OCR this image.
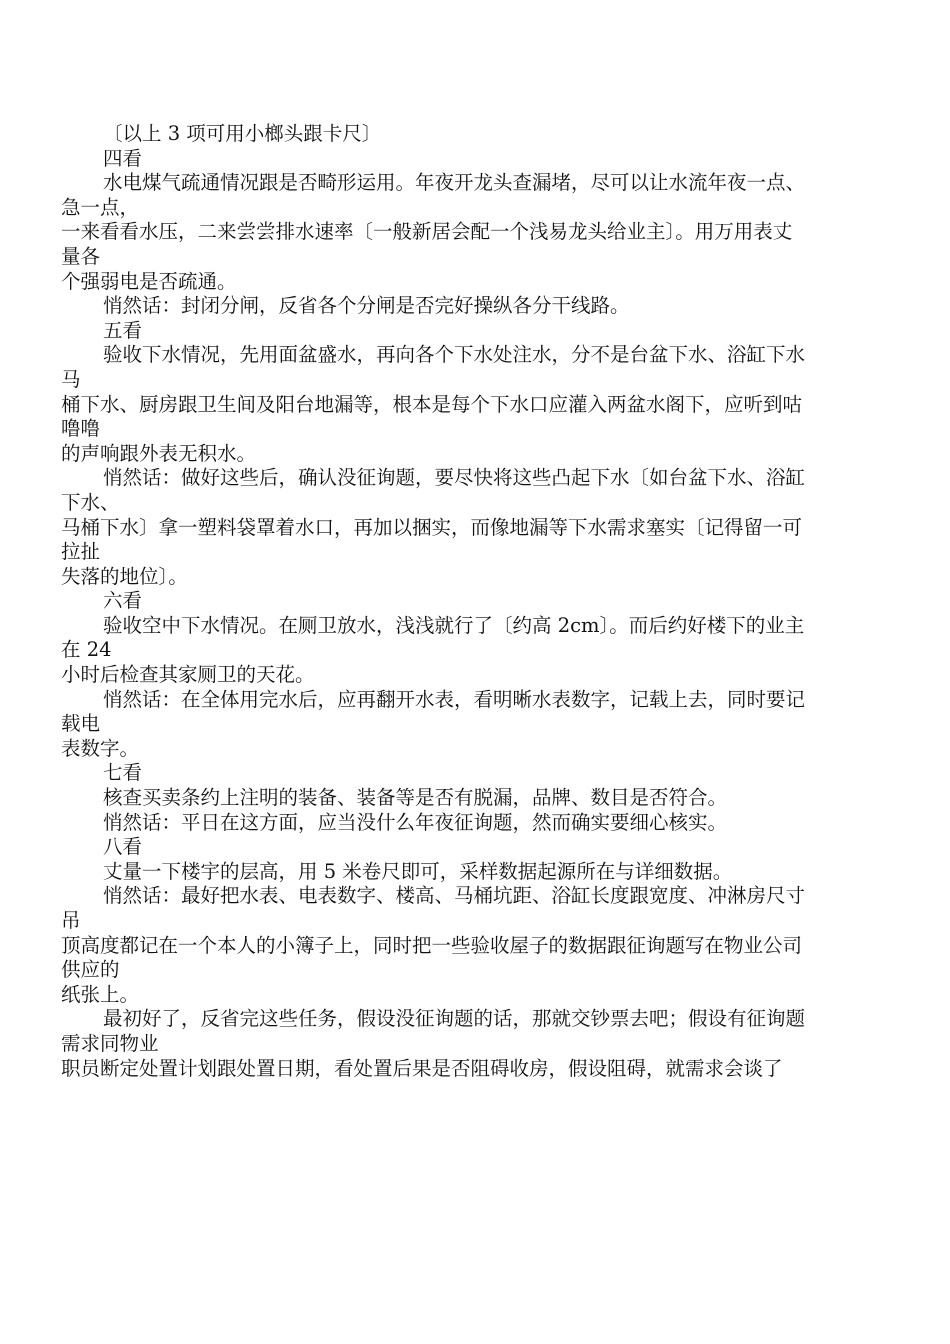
〔以上 3 项可用小榔头跟卡尺〕

四看

水电煤气疏通情况跟是否畸形运用。年夜开龙头查漏堵，尽可以让水流年夜一点、

急一点，

一来看看水压，二来尝尝排水速率〔一般新居会配一个浅易龙头给业主〕。用万用表丈

量各

个强弱电是否疏通。

悄然话：封闭分闸，反省各个分闸是否完好操纵各分干线路。

五看

验收下水情况，先用面盆盛水，再向各个下水处注水，分不是台盆下水、浴缸下水

马

桶下水、厨房跟卫生间及阳台地漏等，根本是每个下水口应灌入两盆水阁下，应听到咕

噜噜

的声响跟外表无积水。

悄然话：做好这些后，确认没征询题，要尽快将这些凸起下水〔如台盆下水、浴缸

下水、

马桶下水〕拿一塑料袋罩着水口，再加以捆实，而像地漏等下水需求塞实〔记得留一可

拉扯

失落的地位〕。

六看

验收空中下水情况。在厕卫放水，浅浅就行了〔约高 2cm〕。而后约好楼下的业主

在 24

小时后检查其家厕卫的天花。

悄然话：在全体用完水后，应再翻开水表，看明晰水表数字，记载上去，同时要记

载电

表数字。

七看

核查买卖条约上注明的装备、装备等是否有脱漏，品牌、数目是否符合。

悄然话：平日在这方面，应当没什么年夜征询题，然而确实要细心核实。

八看

丈量一下楼宇的层高，用 5 米卷尺即可，采样数据起源所在与详细数据。

悄然话：最好把水表、电表数字、楼高、马桶坑距、浴缸长度跟宽度、冲淋房尺寸

吊

顶高度都记在一个本人的小簿子上，同时把一些验收屋子的数据跟征询题写在物业公司

供应的

纸张上。

最初好了，反省完这些任务，假设没征询题的话，那就交钞票去吧；假设有征询题

需求同物业

职员断定处置计划跟处置日期，看处置后果是否阻碍收房，假设阻碍，就需求会谈了
